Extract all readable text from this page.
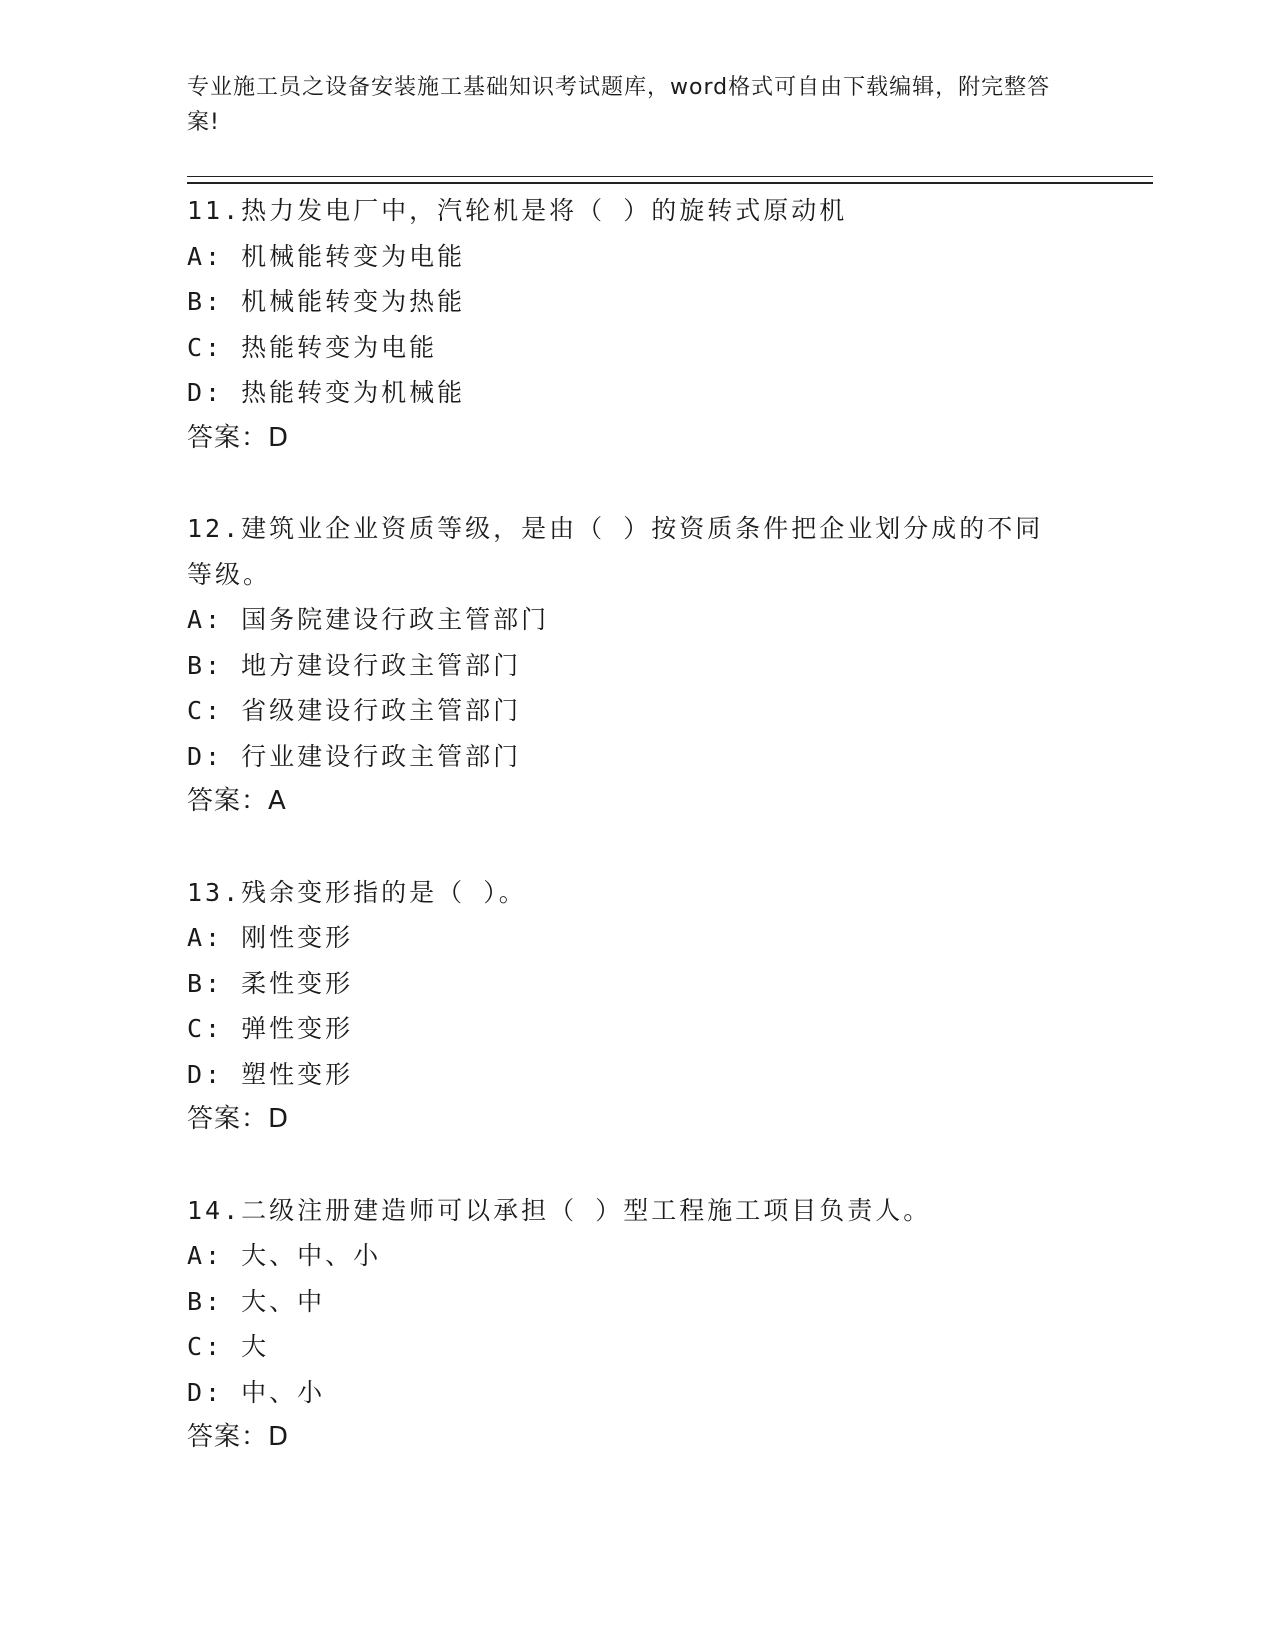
专业施工员之设备安装施工基础知识考试题库，word格式可自由下载编辑，附完整答案!
11.热力发电厂中，汽轮机是将（ ）的旋转式原动机
A: 机械能转变为电能
B: 机械能转变为热能
C: 热能转变为电能
D: 热能转变为机械能
答案：D
12.建筑业企业资质等级，是由（ ）按资质条件把企业划分成的不同等级。
A: 国务院建设行政主管部门
B: 地方建设行政主管部门
C: 省级建设行政主管部门
D: 行业建设行政主管部门
答案：A
13.残余变形指的是（ ）。
A: 刚性变形
B: 柔性变形
C: 弹性变形
D: 塑性变形
答案：D
14.二级注册建造师可以承担（ ）型工程施工项目负责人。
A: 大、中、小
B: 大、中
C: 大
D: 中、小
答案：D
